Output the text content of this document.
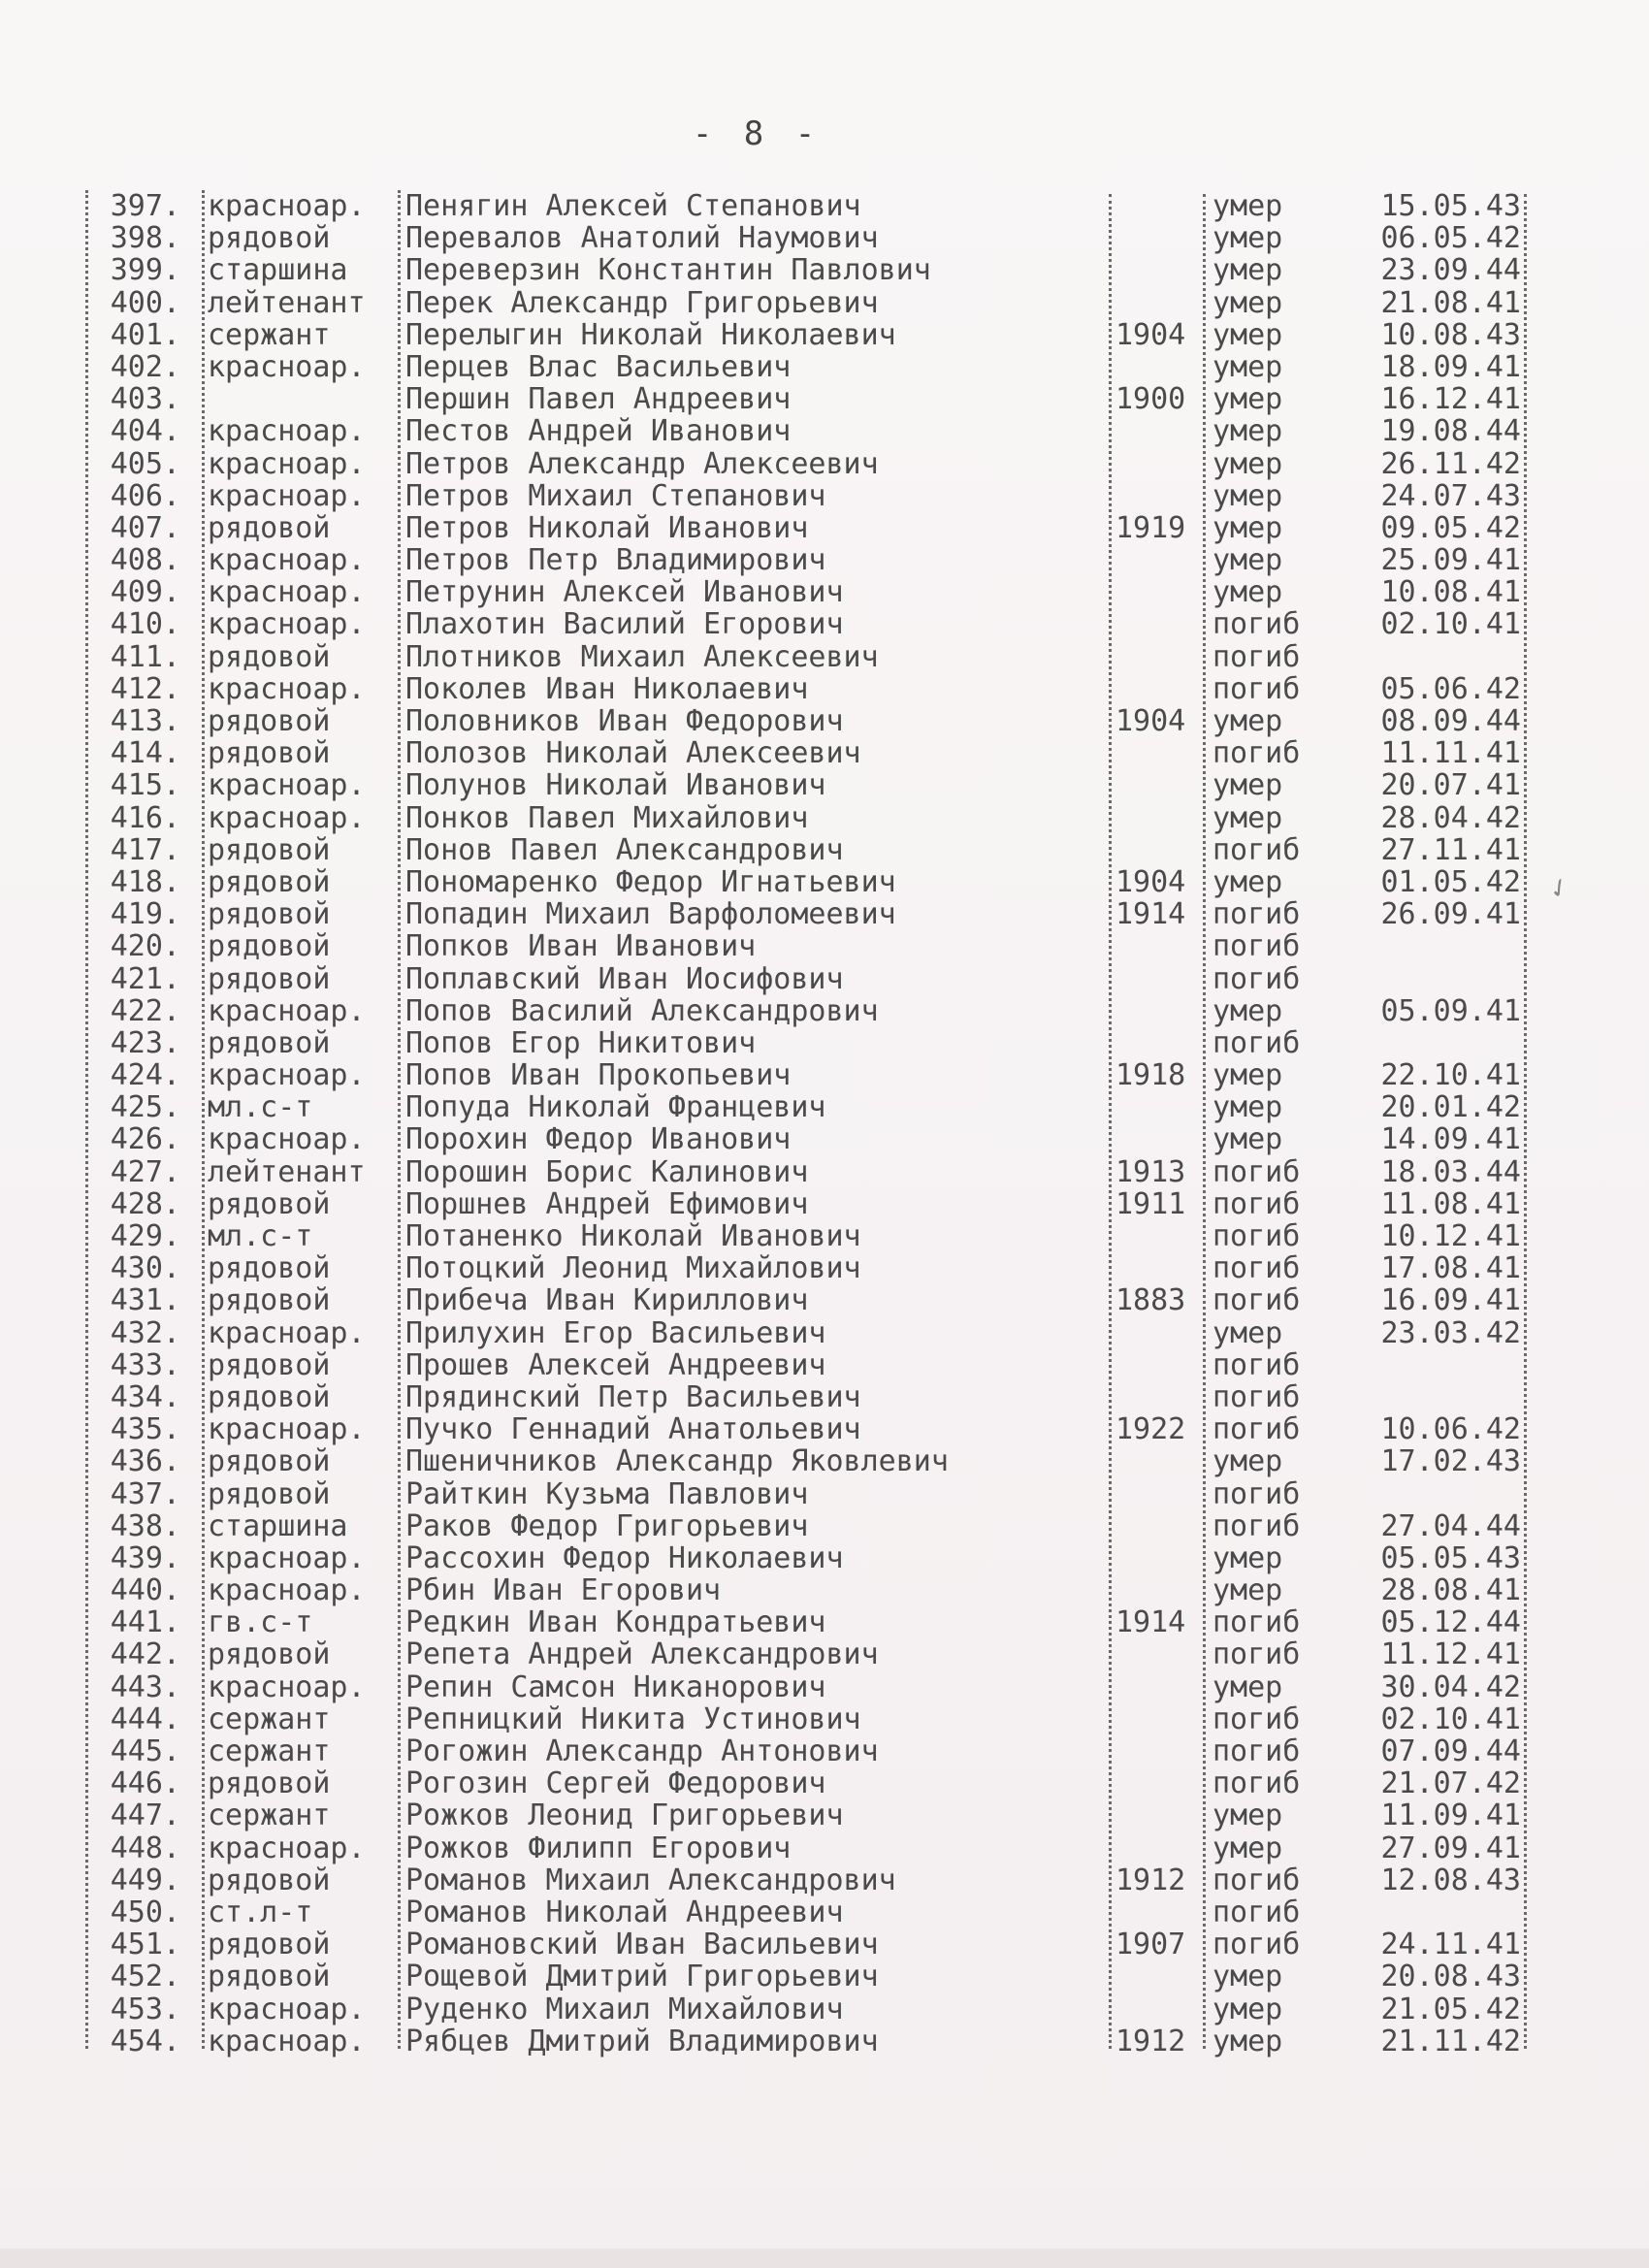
- 8 -
397. красноар. Пенягин Алексей Степанович	умер	15.05.43
398. рядовой	Перевалов Анатолий Наумович	умер	06.05.42
399. старшина Переверзин Константин Павлович	умер	23.09.44
400. лейтенант Перек Александр Григорьевич	умер	21.08.41
401. сержант	Перелыгин Николай Николаевич	1904 умер	10.08.43
402. красноар. Перцев Влас Васильевич	умер	18.09.41
403.	Першин Павел Андреевич	1900 умер	16.12.41
404. красноар. Пестов Андрей Иванович	умер	19.08.44
405. красноар. Петров Александр Алексеевич	умер	26.11.42
406. красноар. Петров Михаил Степанович	умер	24.07.43
407. рядовой	Петров Николай Иванович	1919 умер	09.05.42
408. красноар. Петров Петр Владимирович	умер	25.09.41
409. красноар. Петрунин Алексей Иванович	умер	10.08.41
410. красноар. Плахотин Василий Егорович	погиб	02.10.41
411. рядовой	Плотников Михаил Алексеевич	погиб
412. красноар. Поколев Иван Николаевич	погиб	05.06.42
413. рядовой	Половников Иван Федорович	1904 умер	08.09.44
414. рядовой	Полозов Николай Алексеевич	погиб	11.11.41
415. красноар. Полунов Николай Иванович	умер	20.07.41
416. красноар. Понков Павел Михайлович	умер	28.04.42
417. рядовой	Понов Павел Александрович	погиб	27.11.41
418. рядовой	Пономаренко Федор Игнатьевич	1904 умер	01.05.42
419. рядовой	Попадин Михаил Варфоломеевич	1914 погиб	26.09.41
420. рядовой	Попков Иван Иванович	погиб
421. рядовой	Поплавский Иван Иосифович	погиб
422. красноар. Попов Василий Александрович	умер	05.09.41
423. рядовой	Попов Егор Никитович	погиб
424. красноар. Попов Иван Прокопьевич	1918 умер	22.10.41
425. мл.с-т	Попуда Николай Францевич	умер	20.01.42
426. красноар. Порохин Федор Иванович	умер	14.09.41
427. лейтенант Порошин Борис Калинович	1913 погиб	18.03.44
428. рядовой	Поршнев Андрей Ефимович	1911 погиб	11.08.41
429. мл.с-т	Потаненко Николай Иванович	погиб	10.12.41
430. рядовой	Потоцкий Леонид Михайлович	погиб	17.08.41
431. рядовой	Прибеча Иван Кириллович	1883 погиб	16.09.41
432. красноар. Прилухин Егор Васильевич	умер	23.03.42
433. рядовой	Прошев Алексей Андреевич	погиб
434. рядовой	Прядинский Петр Васильевич	погиб
435. красноар. Пучко Геннадий Анатольевич	1922 погиб	10.06.42
436. рядовой	Пшеничников Александр Яковлевич	умер	17.02.43
437. рядовой	Райткин Кузьма Павлович	погиб
438. старшина Раков Федор Григорьевич	погиб	27.04.44
439. красноар. Рассохин Федор Николаевич	умер	05.05.43
440. красноар. Рбин Иван Егорович	умер	28.08.41
441. гв.с-т	Редкин Иван Кондратьевич	1914 погиб	05.12.44
442. рядовой	Репета Андрей Александрович	погиб	11.12.41
443. красноар. Репин Самсон Никанорович	умер	30.04.42
444. сержант	Репницкий Никита Устинович	погиб	02.10.41
445. сержант	Рогожин Александр Антонович	погиб	07.09.44
446. рядовой	Рогозин Сергей Федорович	погиб	21.07.42
447. сержант	Рожков Леонид Григорьевич	умер	11.09.41
448. красноар. Рожков Филипп Егорович	умер	27.09.41
449. рядовой	Романов Михаил Александрович	1912 погиб	12.08.43
450. ст.л-т	Романов Николай Андреевич	погиб
451. рядовой	Романовский Иван Васильевич	1907 погиб	24.11.41
452. рядовой	Рощевой Дмитрий Григорьевич	умер	20.08.43
453. красноар. Руденко Михаил Михайлович	умер	21.05.42
454. красноар. Рябцев Дмитрий Владимирович	1912 умер	21.11.42
✓
